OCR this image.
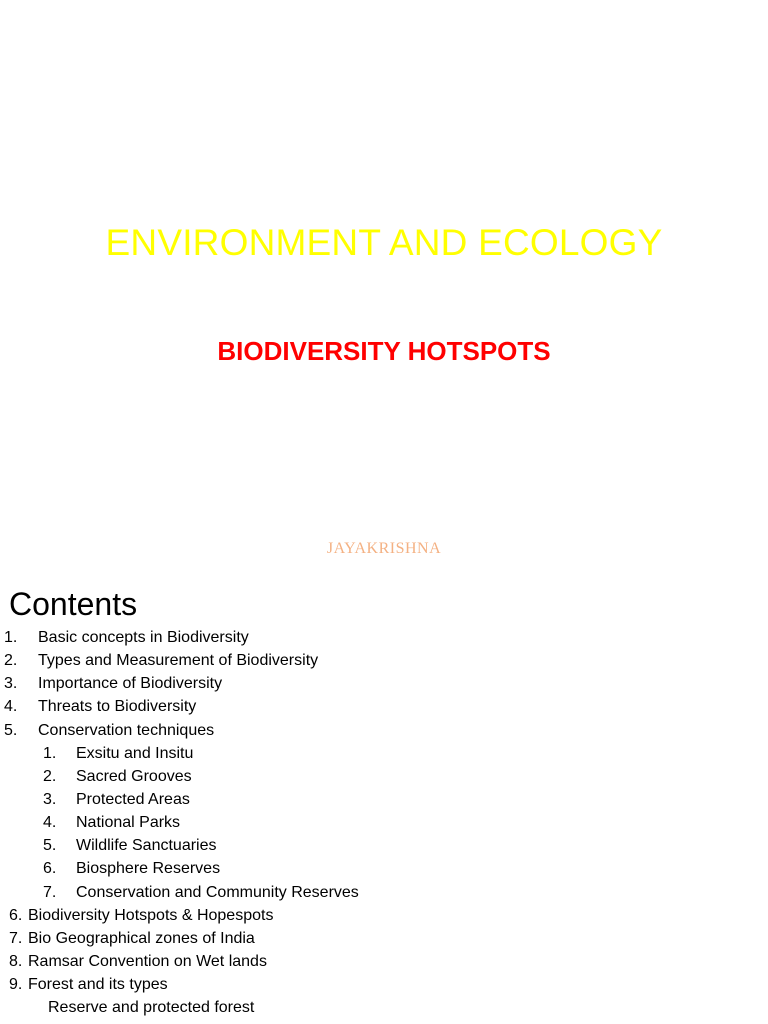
ENVIRONMENT AND ECOLOGY
BIODIVERSITY HOTSPOTS
JAYAKRISHNA
Contents
1. Basic concepts in Biodiversity
2. Types and Measurement of Biodiversity
3. Importance of Biodiversity
4. Threats to Biodiversity
5. Conservation techniques
1. Exsitu and Insitu
2. Sacred Grooves
3. Protected Areas
4. National Parks
5. Wildlife Sanctuaries
6. Biosphere Reserves
7. Conservation and Community Reserves
6. Biodiversity Hotspots & Hopespots
7. Bio Geographical zones of India
8. Ramsar Convention on Wet lands
9. Forest and its types
Reserve and protected forest
